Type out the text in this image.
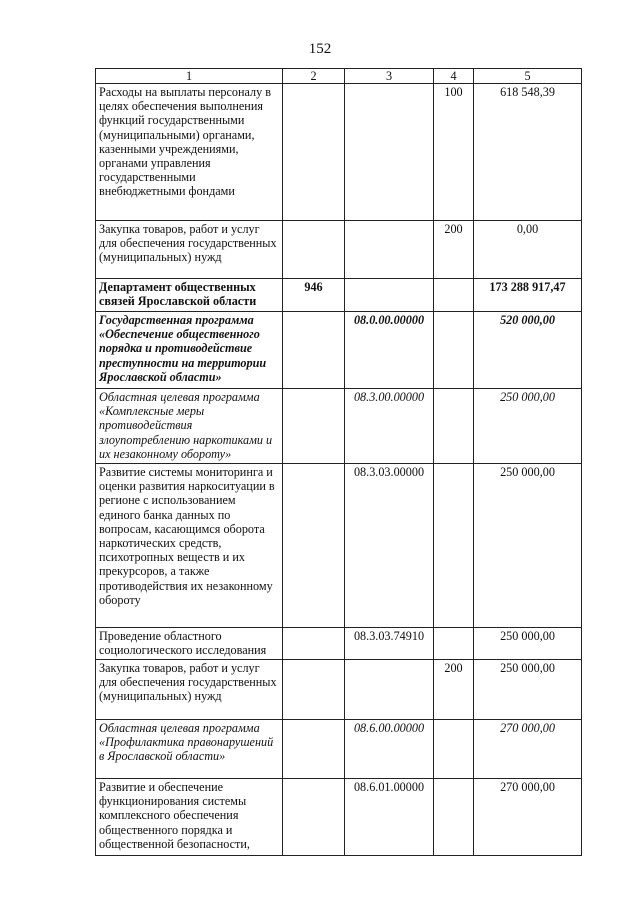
152
1	2	3	4	5
Расходы на выплаты персоналу в целях обеспечения выполнения функций государственными (муниципальными) органами, казенными учреждениями, органами управления государственными внебюджетными фондами			100	618 548,39
Закупка товаров, работ и услуг для обеспечения государственных (муниципальных) нужд			200	0,00
Департамент общественных связей Ярославской области	946			173 288 917,47
Государственная программа «Обеспечение общественного порядка и противодействие преступности на территории Ярославской области»		08.0.00.00000		520 000,00
Областная целевая программа «Комплексные меры противодействия злоупотреблению наркотиками и их незаконному обороту»		08.3.00.00000		250 000,00
Развитие системы мониторинга и оценки развития наркоситуации в регионе с использованием единого банка данных по вопросам, касающимся оборота наркотических средств, психотропных веществ и их прекурсоров, а также противодействия их незаконному обороту		08.3.03.00000		250 000,00
Проведение областного социологического исследования		08.3.03.74910		250 000,00
Закупка товаров, работ и услуг для обеспечения государственных (муниципальных) нужд			200	250 000,00
Областная целевая программа «Профилактика правонарушений в Ярославской области»		08.6.00.00000		270 000,00
Развитие и обеспечение функционирования системы комплексного обеспечения общественного порядка и общественной безопасности,		08.6.01.00000		270 000,00
